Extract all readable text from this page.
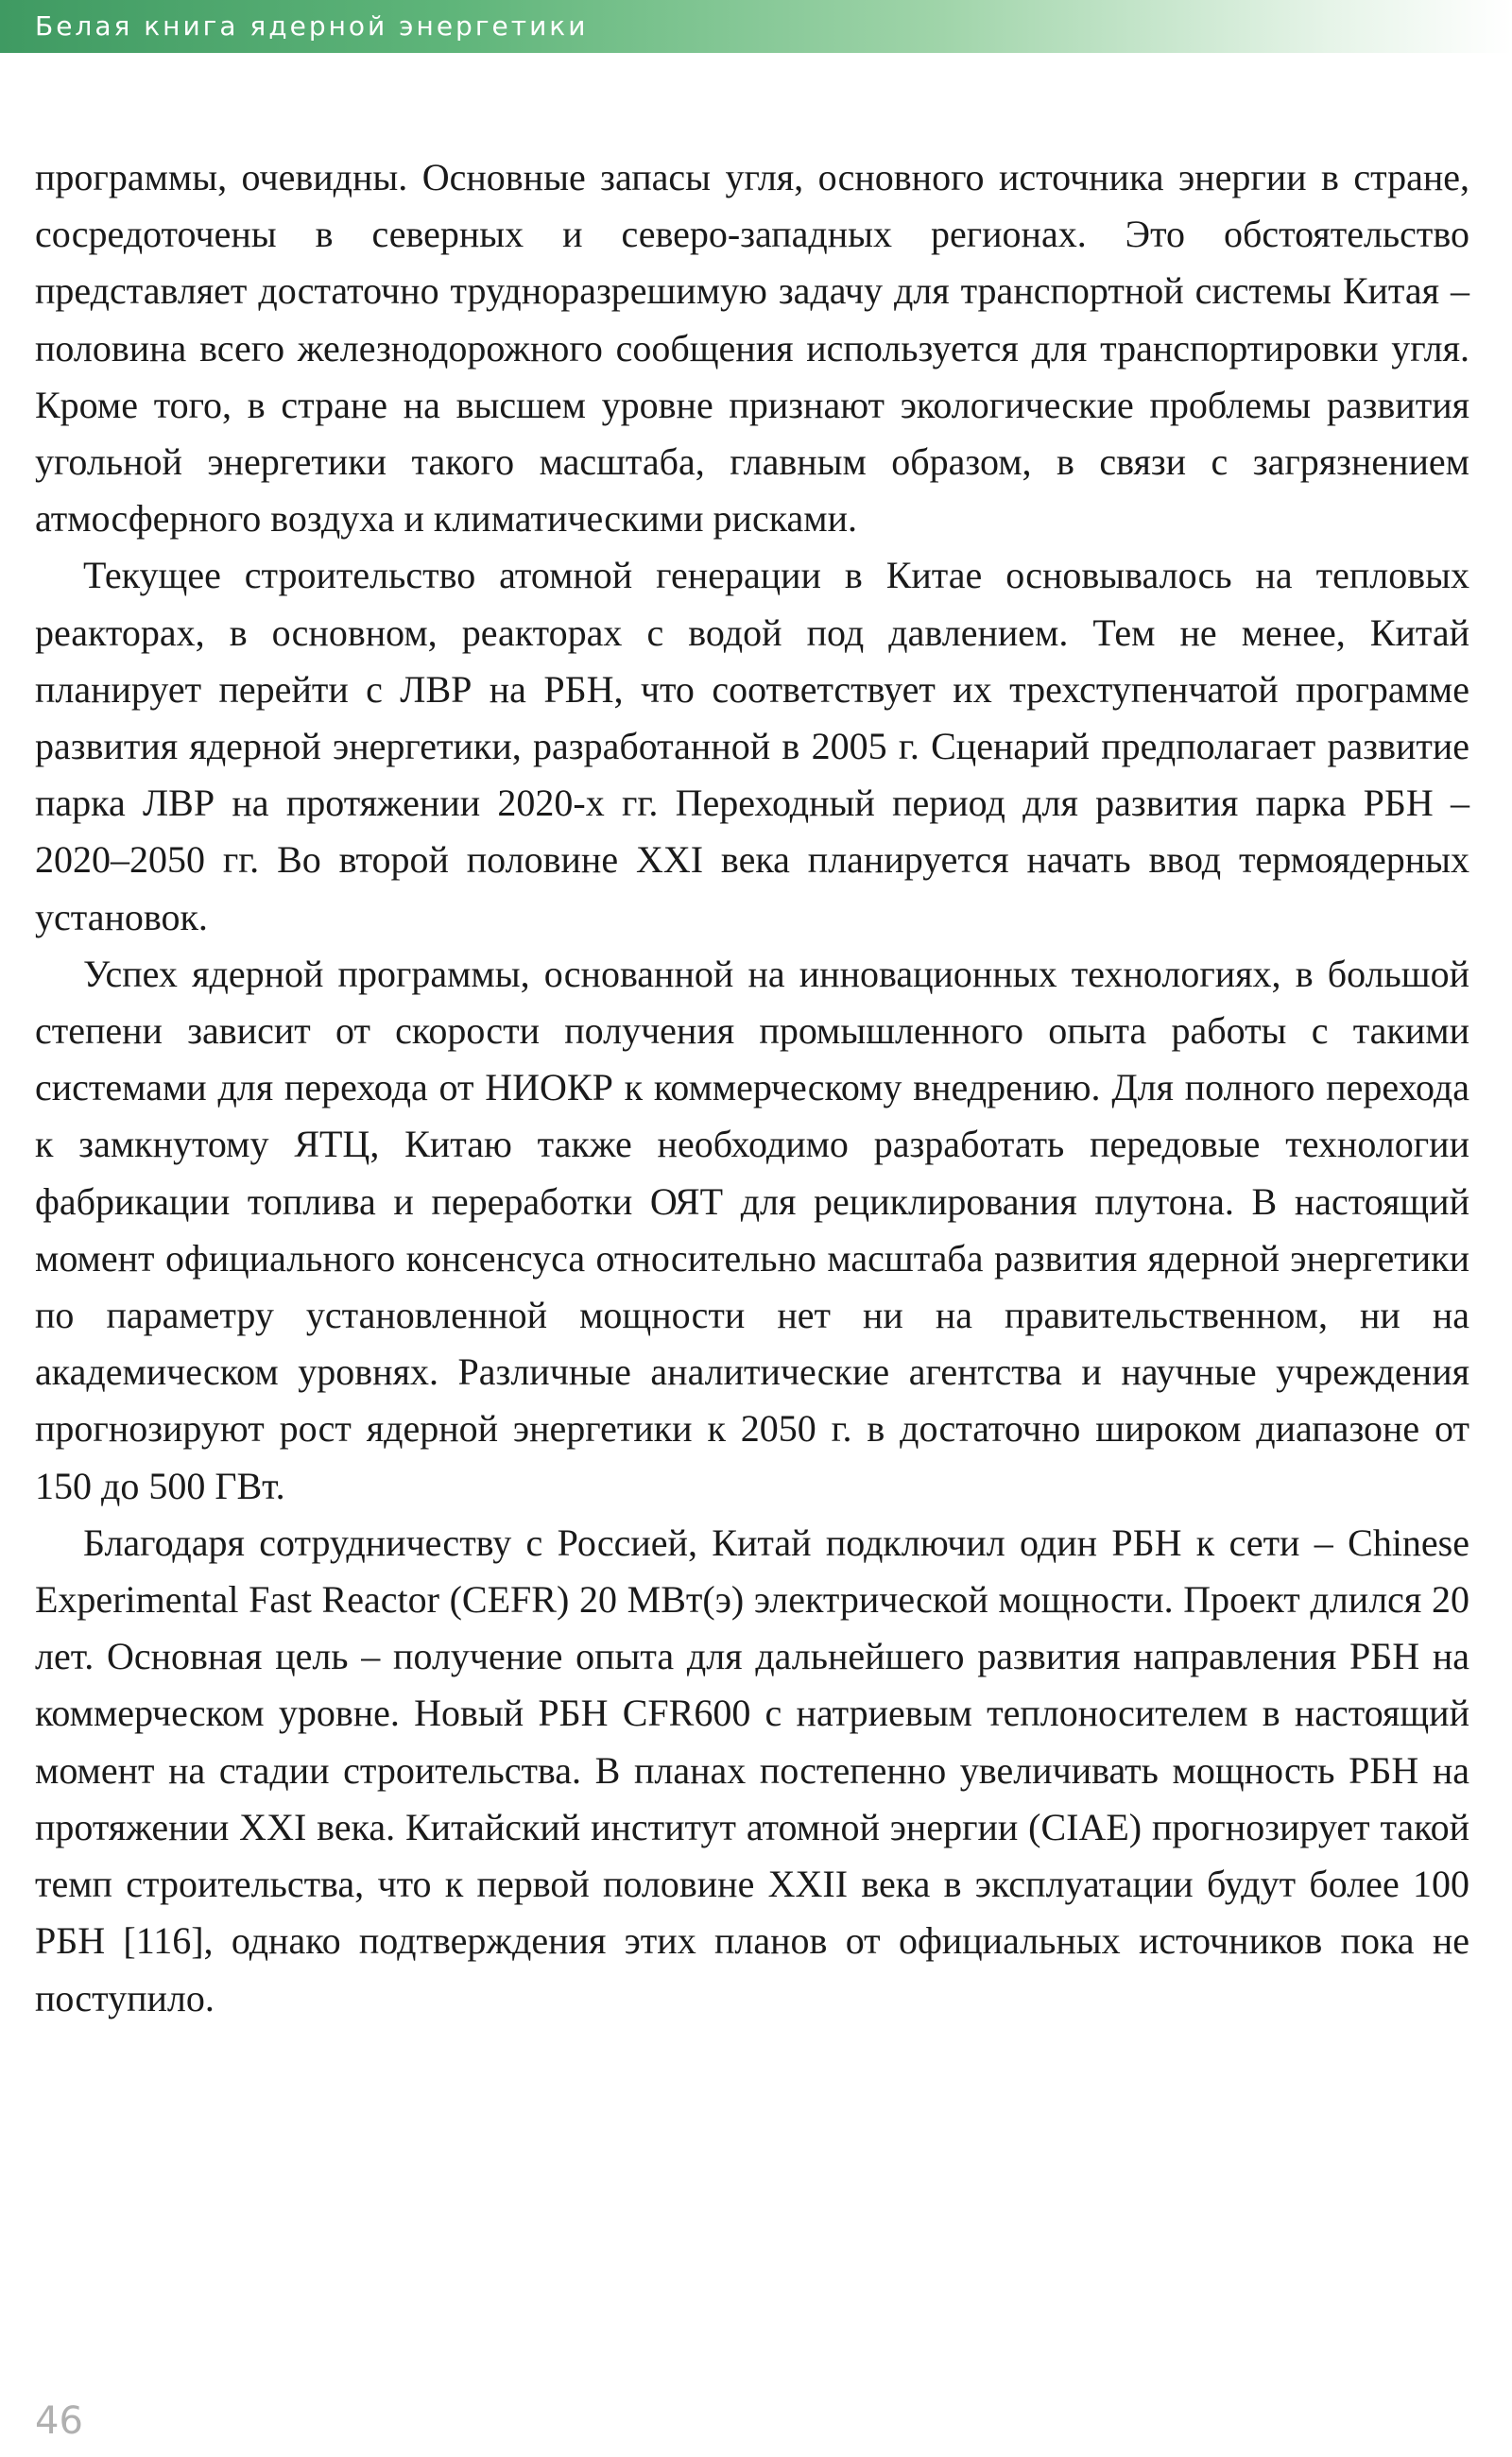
Белая книга ядерной энергетики

программы, очевидны. Основные запасы угля, основного источника энергии в стране, сосредоточены в северных и северо-западных регионах. Это обстоятельство представляет достаточно трудноразрешимую задачу для транспортной системы Китая – половина всего железнодорожного сообщения используется для транспортировки угля. Кроме того, в стране на высшем уровне признают экологические проблемы развития угольной энергетики такого масштаба, главным образом, в связи с загрязнением атмосферного воздуха и климатическими рисками.

Текущее строительство атомной генерации в Китае основывалось на тепловых реакторах, в основном, реакторах с водой под давлением. Тем не менее, Китай планирует перейти с ЛВР на РБН, что соответствует их трехступенчатой программе развития ядерной энергетики, разработанной в 2005 г. Сценарий предполагает развитие парка ЛВР на протяжении 2020-х гг. Переходный период для развития парка РБН – 2020–2050 гг. Во второй половине XXI века планируется начать ввод термоядерных установок.

Успех ядерной программы, основанной на инновационных технологиях, в большой степени зависит от скорости получения промышленного опыта работы с такими системами для перехода от НИОКР к коммерческому внедрению. Для полного перехода к замкнутому ЯТЦ, Китаю также необходимо разработать передовые технологии фабрикации топлива и переработки ОЯТ для рециклирования плутона. В настоящий момент официального консенсуса относительно масштаба развития ядерной энергетики по параметру установленной мощности нет ни на правительственном, ни на академическом уровнях. Различные аналитические агентства и научные учреждения прогнозируют рост ядерной энергетики к 2050 г. в достаточно широком диапазоне от 150 до 500 ГВт.

Благодаря сотрудничеству с Россией, Китай подключил один РБН к сети – Chinese Experimental Fast Reactor (CEFR) 20 МВт(э) электрической мощности. Проект длился 20 лет. Основная цель – получение опыта для дальнейшего развития направления РБН на коммерческом уровне. Новый РБН CFR600 с натриевым теплоносителем в настоящий момент на стадии строительства. В планах постепенно увеличивать мощность РБН на протяжении XXI века. Китайский институт атомной энергии (CIAE) прогнозирует такой темп строительства, что к первой половине XXII века в эксплуатации будут более 100 РБН [116], однако подтверждения этих планов от официальных источников пока не поступило.

46
